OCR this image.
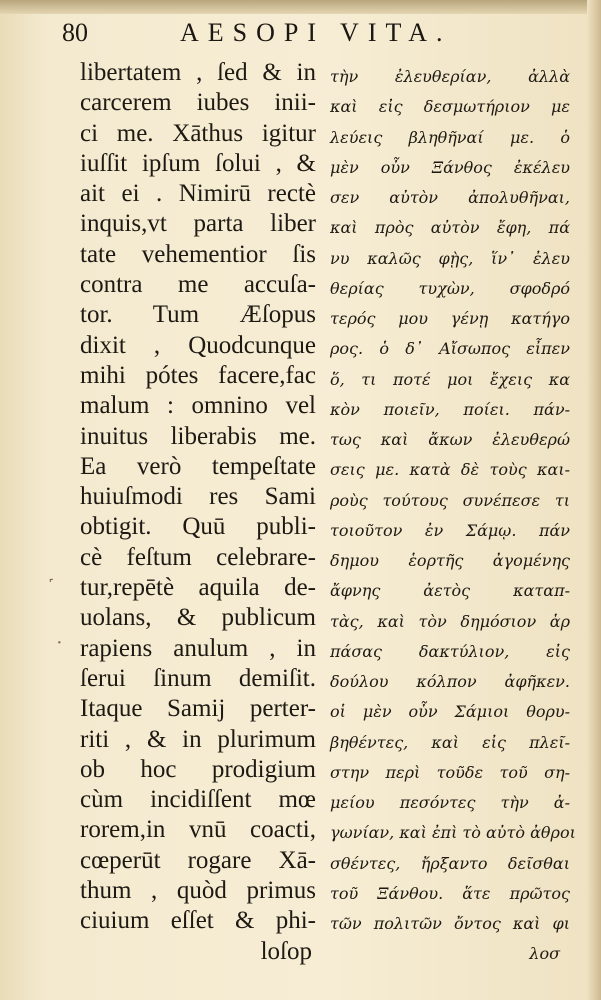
80	AESOPI VITA.
libertatem , ſed & in
carcerem iubes inii-
ci me. Xāthus igitur
iuſſit ipſum ſolui , &
ait ei . Nimirū rectè
inquis,vt parta liber
tate vehementior ſis
contra me accuſa-
tor. Tum Æſopus
dixit , Quodcunque
mihi pótes facere,fac
malum : omnino vel
inuitus liberabis me.
Ea verò tempeſtate
huiuſmodi res Sami
obtigit. Quū publi-
cè feſtum celebrare-
tur,repētè aquila de-
uolans, & publicum
rapiens anulum , in
ſerui ſinum demiſit.
Itaque Samij perter-
riti , & in plurimum
ob hoc prodigium
cùm incidiſſent mœ
rorem,in vnū coacti,
cœperūt rogare Xā-
thum , quòd primus
ciuium eſſet & phi-
loſop
τὴν ἐλευθερίαν, ἀλλὰ
καὶ εἰς δεσμωτήριον με
λεύεις βληθῆναί με. ὁ
μὲν οὖν Ξάνθος ἐκέλευ
σεν αὐτὸν ἀπολυθῆναι,
καὶ πρὸς αὐτὸν ἔφη, πά
νυ καλῶς φῂς, ἵν᾿ ἐλευ
θερίας τυχὼν, σφοδρό
τερός μου γένῃ κατήγο
ρος. ὁ δ᾿ Αἴσωπος εἶπεν
ὅ, τι ποτέ μοι ἔχεις κα
κὸν ποιεῖν, ποίει. πάν-
τως καὶ ἄκων ἐλευθερώ
σεις με. κατὰ δὲ τοὺς και-
ροὺς τούτους συνέπεσε τι
τοιοῦτον ἐν Σάμῳ. πάν
δημου ἑορτῆς ἀγομένης
ἄφνης ἀετὸς καταπ-
τὰς, καὶ τὸν δημόσιον ἁρ
πάσας δακτύλιον, εἰς
δούλου κόλπον ἀφῆκεν.
οἱ μὲν οὖν Σάμιοι θορυ-
βηθέντες, καὶ εἰς πλεῖ-
στην περὶ τοῦδε τοῦ ση-
μείου πεσόντες τὴν ἀ-
γωνίαν, καὶ ἐπὶ τὸ αὐτὸ ἀθροι
σθέντες, ἤρξαντο δεῖσθαι
τοῦ Ξάνθου. ἅτε πρῶτος
τῶν πολιτῶν ὄντος καὶ φι
λοσ
˹
·
